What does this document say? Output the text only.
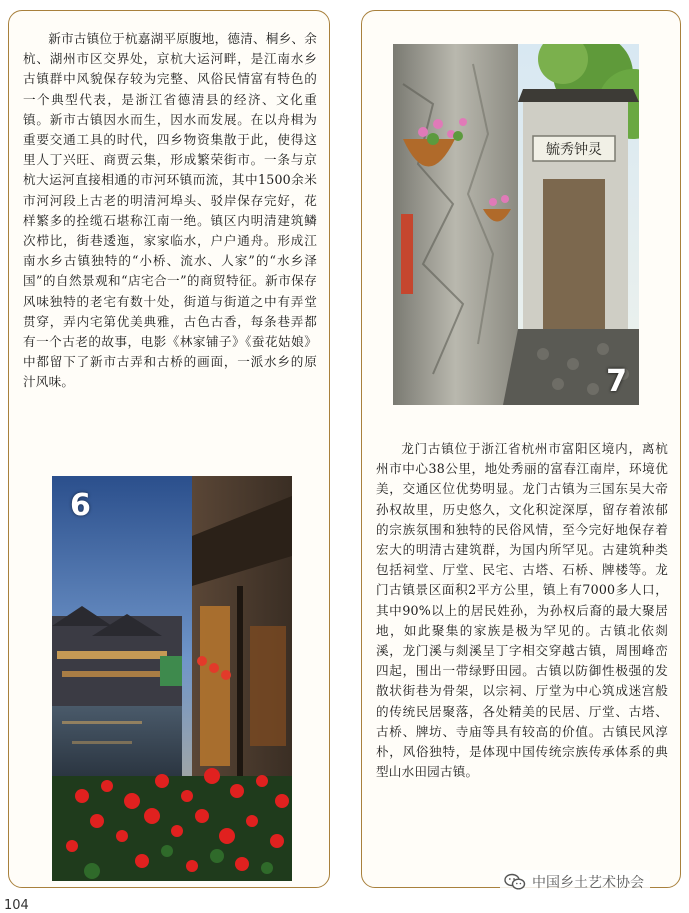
新市古镇位于杭嘉湖平原腹地，德清、桐乡、余杭、湖州市区交界处，京杭大运河畔，是江南水乡古镇群中风貌保存较为完整、风俗民情富有特色的一个典型代表，是浙江省德清县的经济、文化重镇。新市古镇因水而生，因水而发展。在以舟楫为重要交通工具的时代，四乡物资集散于此，使得这里人丁兴旺、商贾云集，形成繁荣街市。一条与京杭大运河直接相通的市河环镇而流，其中1500余米市河河段上古老的明清河埠头、驳岸保存完好，花样繁多的拴缆石堪称江南一绝。镇区内明清建筑鳞次栉比，街巷逶迤，家家临水，户户通舟。形成江南水乡古镇独特的“小桥、流水、人家”的“水乡泽国”的自然景观和“店宅合一”的商贸特征。新市保存风味独特的老宅有数十处，街道与街道之中有弄堂贯穿，弄内宅第优美典雅，古色古香，每条巷弄都有一个古老的故事，电影《林家铺子》《蚕花姑娘》中都留下了新市古弄和古桥的画面，一派水乡的原汁风味。

6
毓秀钟灵
7

龙门古镇位于浙江省杭州市富阳区境内，离杭州市中心38公里，地处秀丽的富春江南岸，环境优美，交通区位优势明显。龙门古镇为三国东吴大帝孙权故里，历史悠久，文化积淀深厚，留存着浓郁的宗族氛围和独特的民俗风情，至今完好地保存着宏大的明清古建筑群，为国内所罕见。古建筑种类包括祠堂、厅堂、民宅、古塔、石桥、牌楼等。龙门古镇景区面积2平方公里，镇上有7000多人口，其中90%以上的居民姓孙，为孙权后裔的最大聚居地，如此聚集的家族是极为罕见的。古镇北依剡溪，龙门溪与剡溪呈丁字相交穿越古镇，周围峰峦四起，围出一带绿野田园。古镇以防御性极强的发散状街巷为骨架，以宗祠、厅堂为中心筑成迷宫般的传统民居聚落，各处精美的民居、厅堂、古塔、古桥、牌坊、寺庙等具有较高的价值。古镇民风淳朴，风俗独特，是体现中国传统宗族传承体系的典型山水田园古镇。

104
中国乡土艺术协会
